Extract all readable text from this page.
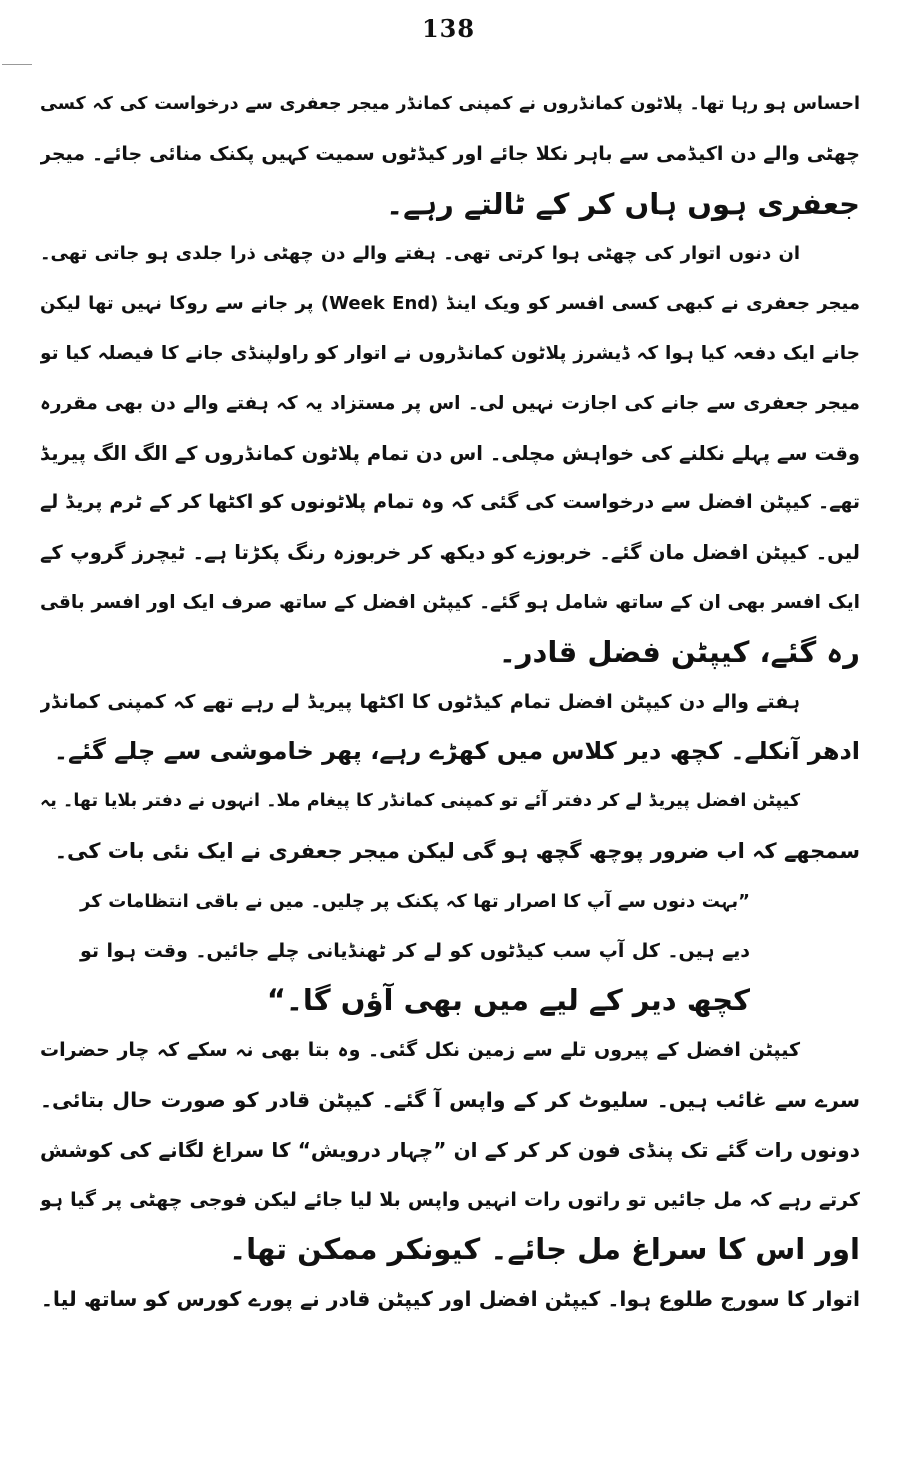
138
احساس ہو رہا تھا۔ پلاٹون کمانڈروں نے کمپنی کمانڈر میجر جعفری سے درخواست کی کہ کسی
چھٹی والے دن اکیڈمی سے باہر نکلا جائے اور کیڈٹوں سمیت کہیں پکنک منائی جائے۔ میجر
جعفری ہوں ہاں کر کے ٹالتے رہے۔
ان دنوں اتوار کی چھٹی ہوا کرتی تھی۔ ہفتے والے دن چھٹی ذرا جلدی ہو جاتی تھی۔
میجر جعفری نے کبھی کسی افسر کو ویک اینڈ (Week End) پر جانے سے روکا نہیں تھا لیکن
جانے ایک دفعہ کیا ہوا کہ ڈیشرز پلاٹون کمانڈروں نے اتوار کو راولپنڈی جانے کا فیصلہ کیا تو
میجر جعفری سے جانے کی اجازت نہیں لی۔ اس پر مستزاد یہ کہ ہفتے والے دن بھی مقررہ
وقت سے پہلے نکلنے کی خواہش مچلی۔ اس دن تمام پلاٹون کمانڈروں کے الگ الگ پیریڈ
تھے۔ کیپٹن افضل سے درخواست کی گئی کہ وہ تمام پلاٹونوں کو اکٹھا کر کے ٹرم پریڈ لے
لیں۔ کیپٹن افضل مان گئے۔ خربوزے کو دیکھ کر خربوزہ رنگ پکڑتا ہے۔ ٹیچرز گروپ کے
ایک افسر بھی ان کے ساتھ شامل ہو گئے۔ کیپٹن افضل کے ساتھ صرف ایک اور افسر باقی
رہ گئے، کیپٹن فضل قادر۔
ہفتے والے دن کیپٹن افضل تمام کیڈٹوں کا اکٹھا پیریڈ لے رہے تھے کہ کمپنی کمانڈر
ادھر آنکلے۔ کچھ دیر کلاس میں کھڑے رہے، پھر خاموشی سے چلے گئے۔
کیپٹن افضل پیریڈ لے کر دفتر آئے تو کمپنی کمانڈر کا پیغام ملا۔ انہوں نے دفتر بلایا تھا۔ یہ
سمجھے کہ اب ضرور پوچھ گچھ ہو گی لیکن میجر جعفری نے ایک نئی بات کی۔
”بہت دنوں سے آپ کا اصرار تھا کہ پکنک پر چلیں۔ میں نے باقی انتظامات کر
دیے ہیں۔ کل آپ سب کیڈٹوں کو لے کر ٹھنڈیانی چلے جائیں۔ وقت ہوا تو
کچھ دیر کے لیے میں بھی آؤں گا۔“
کیپٹن افضل کے پیروں تلے سے زمین نکل گئی۔ وہ بتا بھی نہ سکے کہ چار حضرات
سرے سے غائب ہیں۔ سلیوٹ کر کے واپس آ گئے۔ کیپٹن قادر کو صورت حال بتائی۔
دونوں رات گئے تک پنڈی فون کر کر کے ان ”چہار درویش“ کا سراغ لگانے کی کوشش
کرتے رہے کہ مل جائیں تو راتوں رات انہیں واپس بلا لیا جائے لیکن فوجی چھٹی پر گیا ہو
اور اس کا سراغ مل جائے۔ کیونکر ممکن تھا۔
اتوار کا سورج طلوع ہوا۔ کیپٹن افضل اور کیپٹن قادر نے پورے کورس کو ساتھ لیا۔
